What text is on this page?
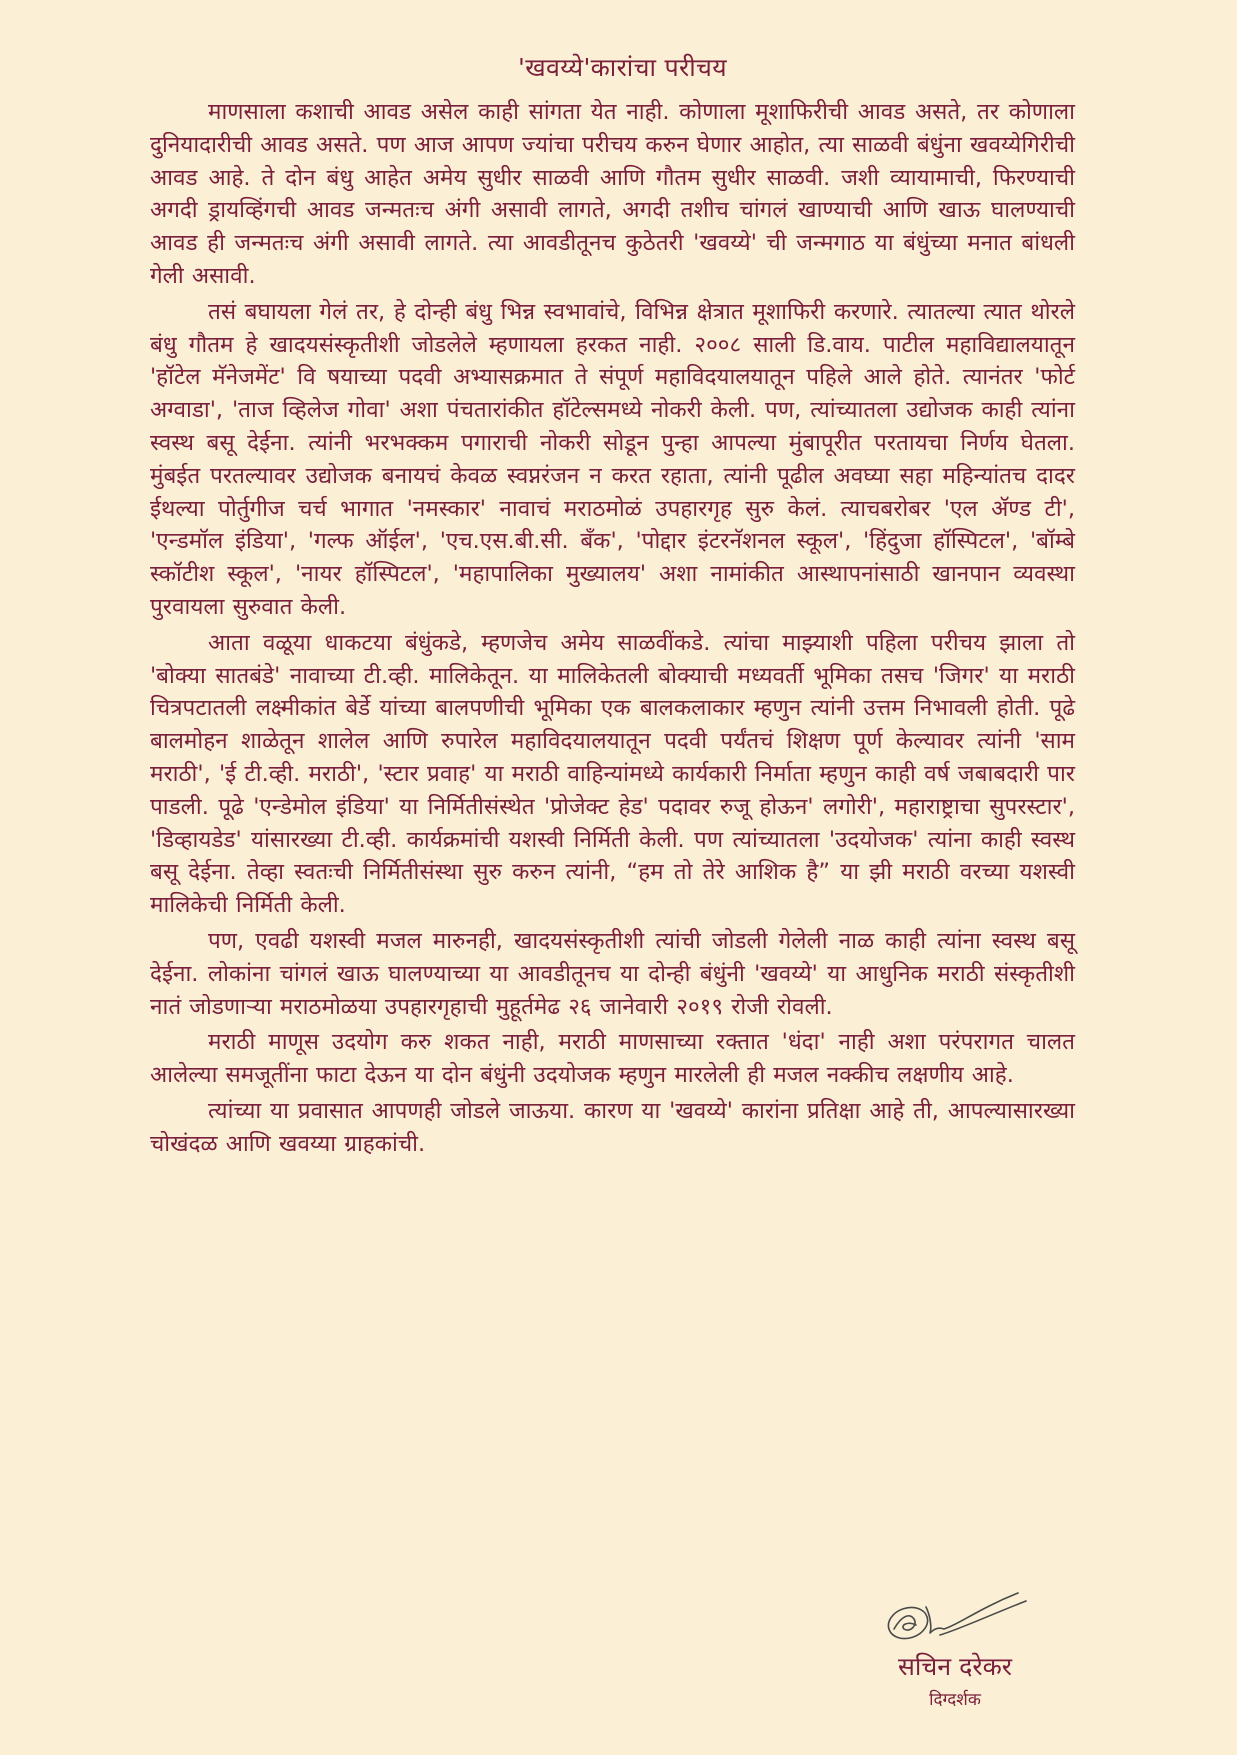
'खवय्ये'कारांचा परीचय

माणसाला कशाची आवड असेल काही सांगता येत नाही. कोणाला मूशाफिरीची आवड असते, तर कोणाला दुनियादारीची आवड असते. पण आज आपण ज्यांचा परीचय करुन घेणार आहोत, त्या साळवी बंधुंना खवय्येगिरीची आवड आहे. ते दोन बंधु आहेत अमेय सुधीर साळवी आणि गौतम सुधीर साळवी. जशी व्यायामाची, फिरण्याची अगदी ड्रायव्हिंगची आवड जन्मतःच अंगी असावी लागते, अगदी तशीच चांगलं खाण्याची आणि खाऊ घालण्याची आवड ही जन्मतःच अंगी असावी लागते. त्या आवडीतूनच कुठेतरी 'खवय्ये' ची जन्मगाठ या बंधुंच्या मनात बांधली गेली असावी.

तसं बघायला गेलं तर, हे दोन्ही बंधु भिन्न स्वभावांचे, विभिन्न क्षेत्रात मूशाफिरी करणारे. त्यातल्या त्यात थोरले बंधु गौतम हे खादयसंस्कृतीशी जोडलेले म्हणायला हरकत नाही. २००८ साली डि.वाय. पाटील महाविद्यालयातून 'हॉटेल मॅनेजमेंट' वि षयाच्या पदवी अभ्यासक्रमात ते संपूर्ण महाविदयालयातून पहिले आले होते. त्यानंतर 'फोर्ट अग्वाडा', 'ताज व्हिलेज गोवा' अशा पंचतारांकीत हॉटेल्समध्ये नोकरी केली. पण, त्यांच्यातला उद्योजक काही त्यांना स्वस्थ बसू देईना. त्यांनी भरभक्कम पगाराची नोकरी सोडून पुन्हा आपल्या मुंबापूरीत परतायचा निर्णय घेतला. मुंबईत परतल्यावर उद्योजक बनायचं केवळ स्वप्नरंजन न करत रहाता, त्यांनी पूढील अवघ्या सहा महिन्यांतच दादर ईथल्या पोर्तुगीज चर्च भागात 'नमस्कार' नावाचं मराठमोळं उपहारगृह सुरु केलं. त्याचबरोबर 'एल ॲण्ड टी', 'एन्डमॉल इंडिया', 'गल्फ ऑईल', 'एच.एस.बी.सी. बॅंक', 'पोद्दार इंटरनॅशनल स्कूल', 'हिंदुजा हॉस्पिटल', 'बॉम्बे स्कॉटीश स्कूल', 'नायर हॉस्पिटल', 'महापालिका मुख्यालय' अशा नामांकीत आस्थापनांसाठी खानपान व्यवस्था पुरवायला सुरुवात केली.

आता वळूया धाकटया बंधुंकडे, म्हणजेच अमेय साळवींकडे. त्यांचा माझ्याशी पहिला परीचय झाला तो 'बोक्या सातबंडे' नावाच्या टी.व्ही. मालिकेतून. या मालिकेतली बोक्याची मध्यवर्ती भूमिका तसच 'जिगर' या मराठी चित्रपटातली लक्ष्मीकांत बेर्डे यांच्या बालपणीची भूमिका एक बालकलाकार म्हणुन त्यांनी उत्तम निभावली होती. पूढे बालमोहन शाळेतून शालेल आणि रुपारेल महाविदयालयातून पदवी पर्यंतचं शिक्षण पूर्ण केल्यावर त्यांनी 'साम मराठी', 'ई टी.व्ही. मराठी', 'स्टार प्रवाह' या मराठी वाहिन्यांमध्ये कार्यकारी निर्माता म्हणुन काही वर्ष जबाबदारी पार पाडली. पूढे 'एन्डेमोल इंडिया' या निर्मितीसंस्थेत 'प्रोजेक्ट हेड' पदावर रुजू होऊन' लगोरी', महाराष्ट्राचा सुपरस्टार', 'डिव्हायडेड' यांसारख्या टी.व्ही. कार्यक्रमांची यशस्वी निर्मिती केली. पण त्यांच्यातला 'उदयोजक' त्यांना काही स्वस्थ बसू देईना. तेव्हा स्वतःची निर्मितीसंस्था सुरु करुन त्यांनी, “हम तो तेरे आशिक है” या झी मराठी वरच्या यशस्वी मालिकेची निर्मिती केली.

पण, एवढी यशस्वी मजल मारुनही, खादयसंस्कृतीशी त्यांची जोडली गेलेली नाळ काही त्यांना स्वस्थ बसू देईना. लोकांना चांगलं खाऊ घालण्याच्या या आवडीतूनच या दोन्ही बंधुंनी 'खवय्ये' या आधुनिक मराठी संस्कृतीशी नातं जोडणाऱ्या मराठमोळया उपहारगृहाची मुहूर्तमेढ २६ जानेवारी २०१९ रोजी रोवली.

मराठी माणूस उदयोग करु शकत नाही, मराठी माणसाच्या रक्तात 'धंदा' नाही अशा परंपरागत चालत आलेल्या समजूतींना फाटा देऊन या दोन बंधुंनी उदयोजक म्हणुन मारलेली ही मजल नक्कीच लक्षणीय आहे.

त्यांच्या या प्रवासात आपणही जोडले जाऊया. कारण या 'खवय्ये' कारांना प्रतिक्षा आहे ती, आपल्यासारख्या चोखंदळ आणि खवय्या ग्राहकांची.

सचिन दरेकर
दिग्दर्शक
